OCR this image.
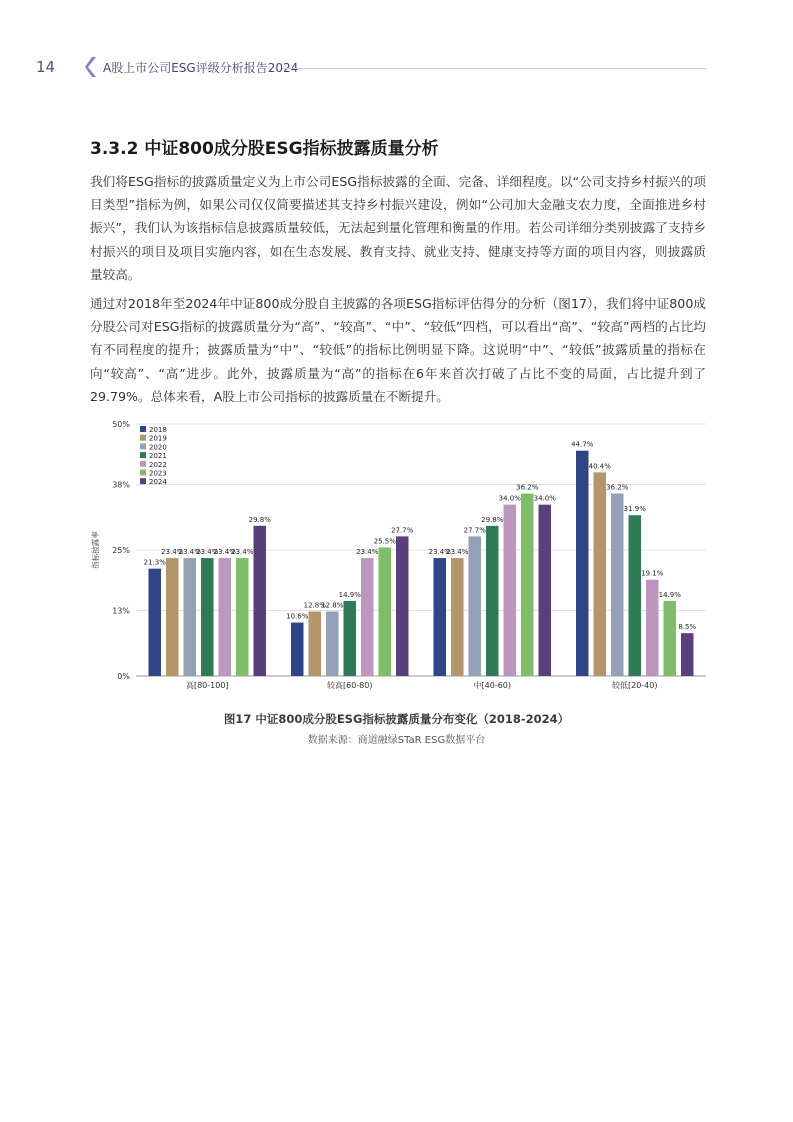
14	A股上市公司ESG评级分析报告2024
3.3.2 中证800成分股ESG指标披露质量分析

我们将ESG指标的披露质量定义为上市公司ESG指标披露的全面、完备、详细程度。以“公司支持乡村振兴的项目类型”指标为例，如果公司仅仅简要描述其支持乡村振兴建设，例如“公司加大金融支农力度，全面推进乡村振兴”，我们认为该指标信息披露质量较低，无法起到量化管理和衡量的作用。若公司详细分类别披露了支持乡村振兴的项目及项目实施内容，如在生态发展、教育支持、就业支持、健康支持等方面的项目内容，则披露质量较高。

通过对2018年至2024年中证800成分股自主披露的各项ESG指标评估得分的分析（图17），我们将中证800成分股公司对ESG指标的披露质量分为“高”、“较高”、“中”、“较低”四档，可以看出“高”、“较高”两档的占比均有不同程度的提升；披露质量为“中”、“较低”的指标比例明显下降。这说明“中”、“较低”披露质量的指标在向“较高”、“高”进步。此外，披露质量为“高”的指标在6年来首次打破了占比不变的局面，占比提升到了29.79%。总体来看，A股上市公司指标的披露质量在不断提升。

0%
13%
25%
38%
50%
指标披露率	21.3%
23.4%
23.4%
23.4%
23.4%
23.4%
29.8%
高[80-100]
10.6%
12.8%
12.8%
14.9%
23.4%
25.5%
27.7%
较高[60-80)
23.4%
23.4%
27.7%
29.8%
34.0%
36.2%
34.0%
中[40-60)
44.7%
40.4%
36.2%
31.9%
19.1%
14.9%
8.5%
较低[20-40)
2018
2019
2020
2021
2022
2023
2024
图17 中证800成分股ESG指标披露质量分布变化（2018-2024）
数据来源：商道融绿STaR ESG数据平台
